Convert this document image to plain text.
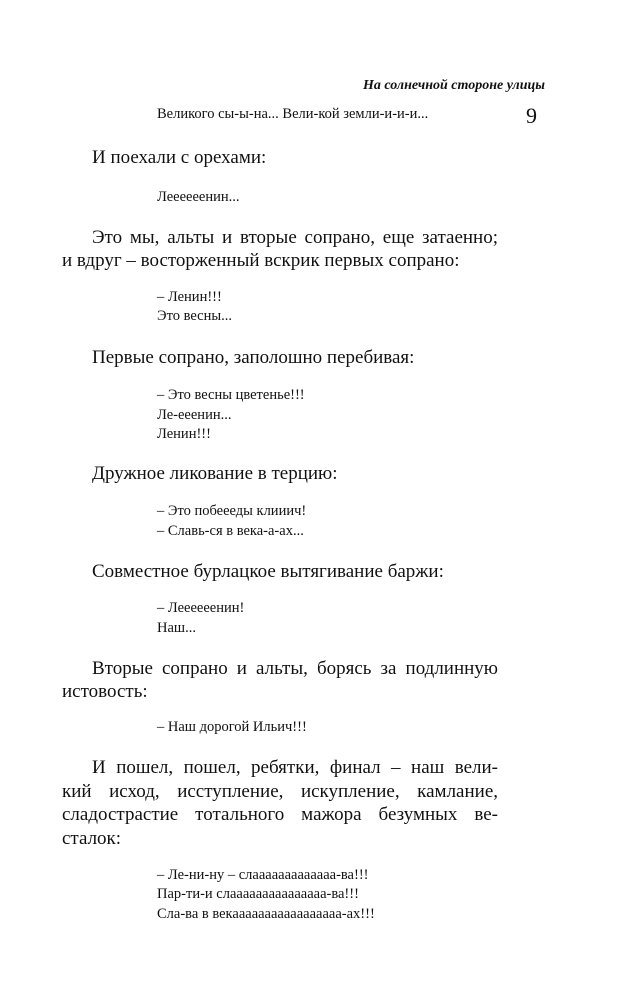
На солнечной стороне улицы
9
Великого сы-ы-на... Вели-кой земли-и-и-и...
И поехали с орехами:
Леееееенин...
Это мы, альты и вторые сопрано, еще затаенно;
и вдруг – восторженный вскрик первых сопрано:
– Ленин!!!
Это весны...
Первые сопрано, заполошно перебивая:
– Это весны цветенье!!!
Ле-ееенин...
Ленин!!!
Дружное ликование в терцию:
– Это побеееды клииич!
– Славь-ся в века-а-ах...
Совместное бурлацкое вытягивание баржи:
– Леееееенин!
Наш...
Вторые сопрано и альты, борясь за подлинную
истовость:
– Наш дорогой Ильич!!!
И пошел, пошел, ребятки, финал – наш вели-
кий исход, исступление, искупление, камлание,
сладострастие тотального мажора безумных ве-
сталок:
– Ле-ни-ну – слааааааааааааа-ва!!!
Пар-ти-и слааааааааааааааа-ва!!!
Сла-ва в векааааааааааааааааа-ах!!!
